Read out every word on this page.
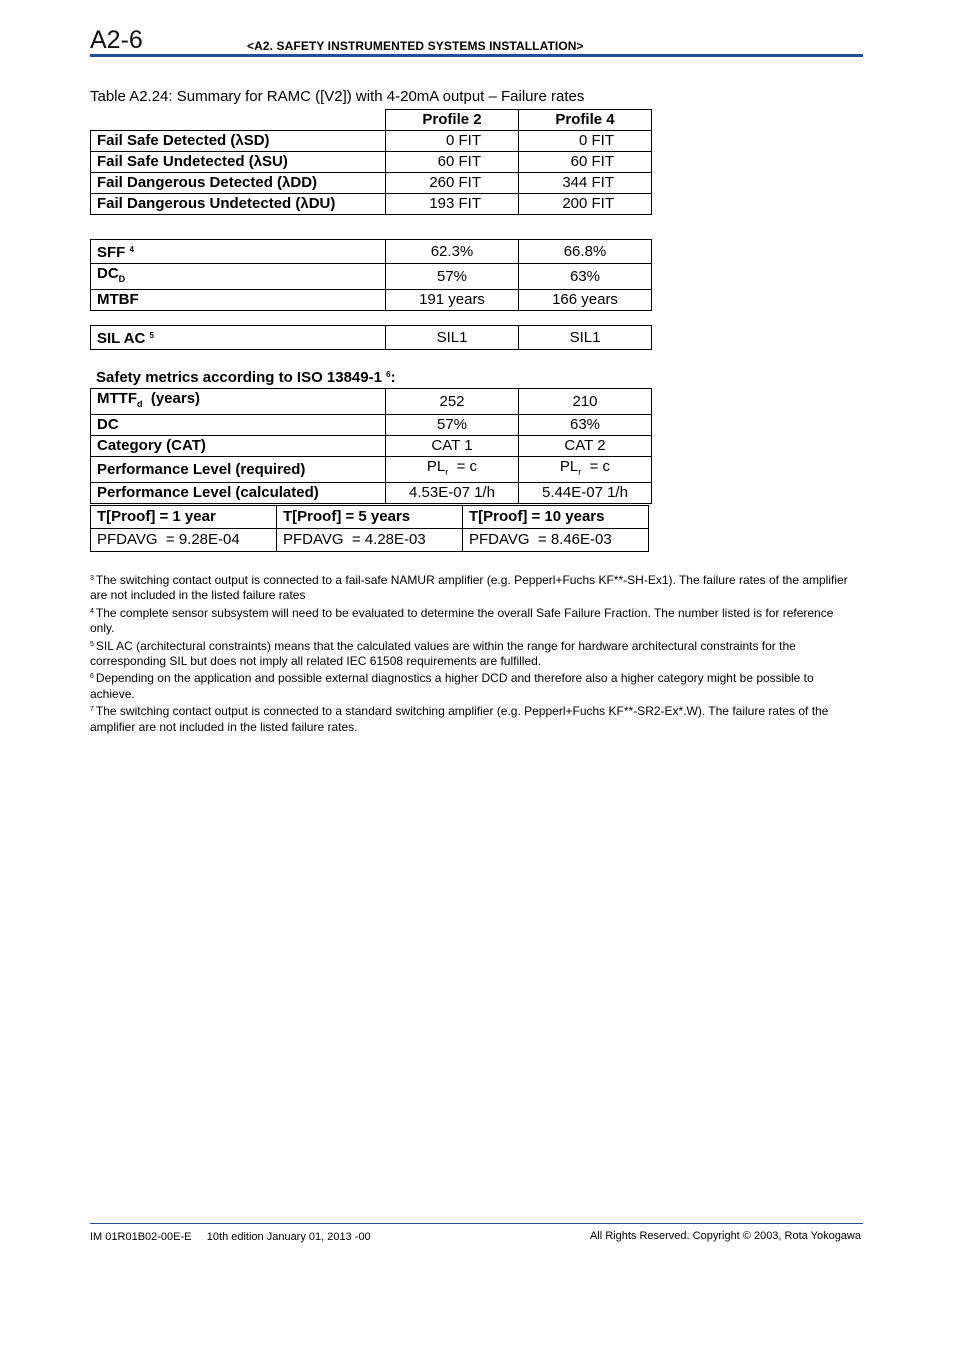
A2-6	<A2. SAFETY INSTRUMENTED SYSTEMS INSTALLATION>
Table A2.24: Summary for RAMC ([V2]) with 4-20mA output – Failure rates
	Profile 2	Profile 4
Fail Safe Detected (λSD)	0 FIT	0 FIT
Fail Safe Undetected (λSU)	60 FIT	60 FIT
Fail Dangerous Detected (λDD)	260 FIT	344 FIT
Fail Dangerous Undetected (λDU)	193 FIT	200 FIT
SFF $^4$	62.3%	66.8%
$DC_D$	57%	63%
MTBF	191 years	166 years
SIL AC $^5$	SIL1	SIL1
Safety metrics according to ISO 13849-1 $^6$:
$MTTF_d$ (years)	252	210
DC	57%	63%
Category (CAT)	CAT 1	CAT 2
Performance Level (required)	$PL_r = c$	$PL_r = c$
Performance Level (calculated)	4.53E-07 1/h	5.44E-07 1/h
T[Proof] = 1 year	T[Proof] = 5 years	T[Proof] = 10 years
PFDAVG  = 9.28E-04	PFDAVG  = 4.28E-03	PFDAVG  = 8.46E-03

$^3$ The switching contact output is connected to a fail-safe NAMUR amplifier (e.g. Pepperl+Fuchs KF**-SH-Ex1). The failure rates of the amplifier are not included in the listed failure rates

$^4$ The complete sensor subsystem will need to be evaluated to determine the overall Safe Failure Fraction. The number listed is for reference only.

$^5$ SIL AC (architectural constraints) means that the calculated values are within the range for hardware architectural constraints for the corresponding SIL but does not imply all related IEC 61508 requirements are fulfilled.

$^6$ Depending on the application and possible external diagnostics a higher DCD and therefore also a higher category might be possible to achieve.

$^7$ The switching contact output is connected to a standard switching amplifier (e.g. Pepperl+Fuchs KF**-SR2-Ex*.W). The failure rates of the amplifier are not included in the listed failure rates.

IM 01R01B02-00E-E     10th edition January 01, 2013 -00	All Rights Reserved. Copyright © 2003, Rota Yokogawa
